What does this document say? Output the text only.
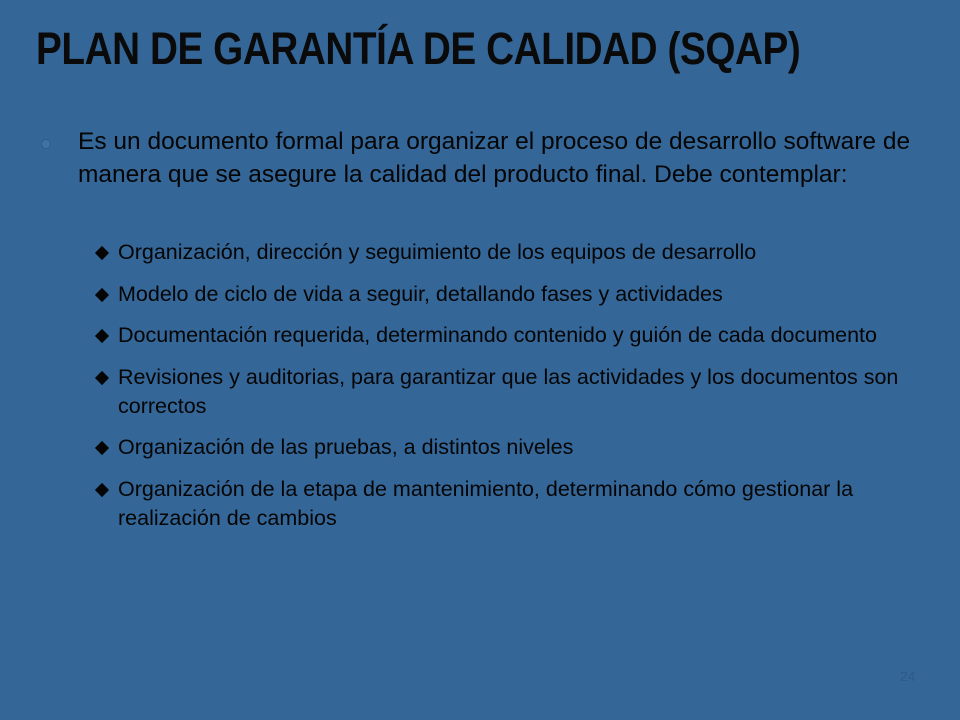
PLAN DE GARANTÍA DE CALIDAD (SQAP)

Es un documento formal para organizar el proceso de desarrollo software de manera que se asegure la calidad del producto final. Debe contemplar:

Organización, dirección y seguimiento de los equipos de desarrollo
Modelo de ciclo de vida a seguir, detallando fases y actividades
Documentación requerida, determinando contenido y guión de cada documento
Revisiones y auditorias, para garantizar que las actividades y los documentos son correctos
Organización de las pruebas, a distintos niveles
Organización de la etapa de mantenimiento, determinando cómo gestionar la realización de cambios
24
